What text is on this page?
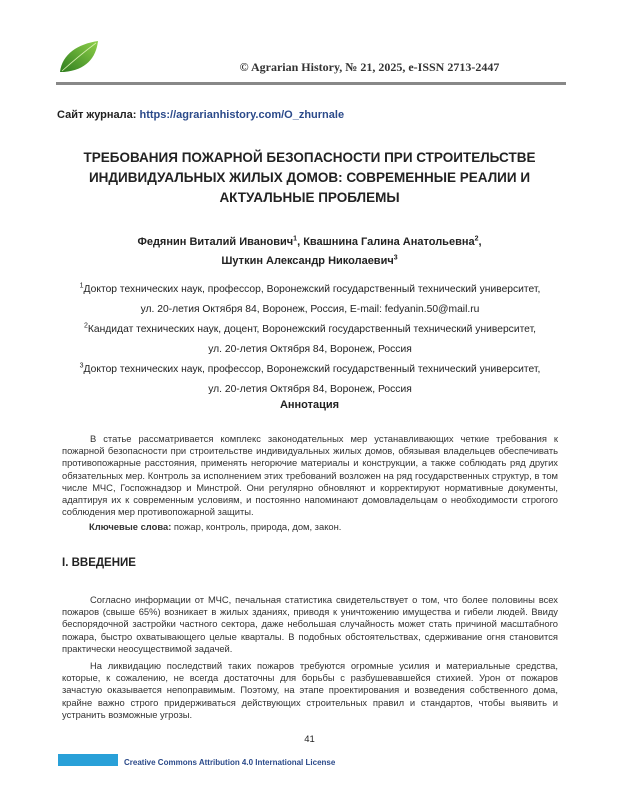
© Agrarian History, № 21, 2025, e-ISSN 2713-2447
Сайт журнала: https://agrarianhistory.com/O_zhurnale
ТРЕБОВАНИЯ ПОЖАРНОЙ БЕЗОПАСНОСТИ ПРИ СТРОИТЕЛЬСТВЕ
ИНДИВИДУАЛЬНЫХ ЖИЛЫХ ДОМОВ: СОВРЕМЕННЫЕ РЕАЛИИ И
АКТУАЛЬНЫЕ ПРОБЛЕМЫ
Федянин Виталий Иванович$^1$, Квашнина Галина Анатольевна$^2$,
Шуткин Александр Николаевич$^3$
$^1$Доктор технических наук, профессор, Воронежский государственный технический университет,
ул. 20-летия Октября 84, Воронеж, Россия, E-mail: fedyanin.50@mail.ru
$^2$Кандидат технических наук, доцент, Воронежский государственный технический университет,
ул. 20-летия Октября 84, Воронеж, Россия
$^3$Доктор технических наук, профессор, Воронежский государственный технический университет,
ул. 20-летия Октября 84, Воронеж, Россия
Аннотация

В статье рассматривается комплекс законодательных мер устанавливающих четкие требования к пожарной безопасности при строительстве индивидуальных жилых домов, обязывая владельцев обеспечивать противопожарные расстояния, применять негорючие материалы и конструкции, а также соблюдать ряд других обязательных мер. Контроль за исполнением этих требований возложен на ряд государственных структур, в том числе МЧС, Госпожнадзор и Минстрой. Они регулярно обновляют и корректируют нормативные документы, адаптируя их к современным условиям, и постоянно напоминают домовладельцам о необходимости строгого соблюдения мер противопожарной защиты.

Ключевые слова: пожар, контроль, природа, дом, закон.
I. ВВЕДЕНИЕ

Согласно информации от МЧС, печальная статистика свидетельствует о том, что более половины всех пожаров (свыше 65%) возникает в жилых зданиях, приводя к уничтожению имущества и гибели людей. Ввиду беспорядочной застройки частного сектора, даже небольшая случайность может стать причиной масштабного пожара, быстро охватывающего целые кварталы. В подобных обстоятельствах, сдерживание огня становится практически неосуществимой задачей.

На ликвидацию последствий таких пожаров требуются огромные усилия и материальные средства, которые, к сожалению, не всегда достаточны для борьбы с разбушевавшейся стихией. Урон от пожаров зачастую оказывается непоправимым. Поэтому, на этапе проектирования и возведения собственного дома, крайне важно строго придерживаться действующих строительных правил и стандартов, чтобы выявить и устранить возможные угрозы.

41
Creative Commons Attribution 4.0 International License
